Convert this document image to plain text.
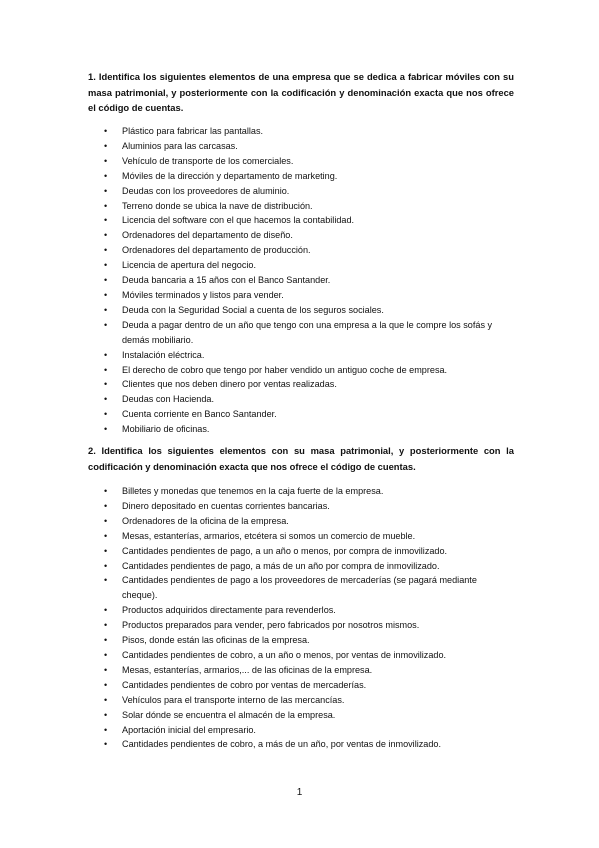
1. Identifica los siguientes elementos de una empresa que se dedica a fabricar móviles con su masa patrimonial, y posteriormente con la codificación y denominación exacta que nos ofrece el código de cuentas.

• Plástico para fabricar las pantallas.
• Aluminios para las carcasas.
• Vehículo de transporte de los comerciales.
• Móviles de la dirección y departamento de marketing.
• Deudas con los proveedores de aluminio.
• Terreno donde se ubica la nave de distribución.
• Licencia del software con el que hacemos la contabilidad.
• Ordenadores del departamento de diseño.
• Ordenadores del departamento de producción.
• Licencia de apertura del negocio.
• Deuda bancaria a 15 años con el Banco Santander.
• Móviles terminados y listos para vender.
• Deuda con la Seguridad Social a cuenta de los seguros sociales.
• Deuda a pagar dentro de un año que tengo con una empresa a la que le compre los sofás y demás mobiliario.
• Instalación eléctrica.
• El derecho de cobro que tengo por haber vendido un antiguo coche de empresa.
• Clientes que nos deben dinero por ventas realizadas.
• Deudas con Hacienda.
• Cuenta corriente en Banco Santander.
• Mobiliario de oficinas.

2. Identifica los siguientes elementos con su masa patrimonial, y posteriormente con la codificación y denominación exacta que nos ofrece el código de cuentas.

• Billetes y monedas que tenemos en la caja fuerte de la empresa.
• Dinero depositado en cuentas corrientes bancarias.
• Ordenadores de la oficina de la empresa.
• Mesas, estanterías, armarios, etcétera si somos un comercio de mueble.
• Cantidades pendientes de pago, a un año o menos, por compra de inmovilizado.
• Cantidades pendientes de pago, a más de un año por compra de inmovilizado.
• Cantidades pendientes de pago a los proveedores de mercaderías (se pagará mediante cheque).
• Productos adquiridos directamente para revenderlos.
• Productos preparados para vender, pero fabricados por nosotros mismos.
• Pisos, donde están las oficinas de la empresa.
• Cantidades pendientes de cobro, a un año o menos, por ventas de inmovilizado.
• Mesas, estanterías, armarios,... de las oficinas de la empresa.
• Cantidades pendientes de cobro por ventas de mercaderías.
• Vehículos para el transporte interno de las mercancías.
• Solar dónde se encuentra el almacén de la empresa.
• Aportación inicial del empresario.
• Cantidades pendientes de cobro, a más de un año, por ventas de inmovilizado.
1
